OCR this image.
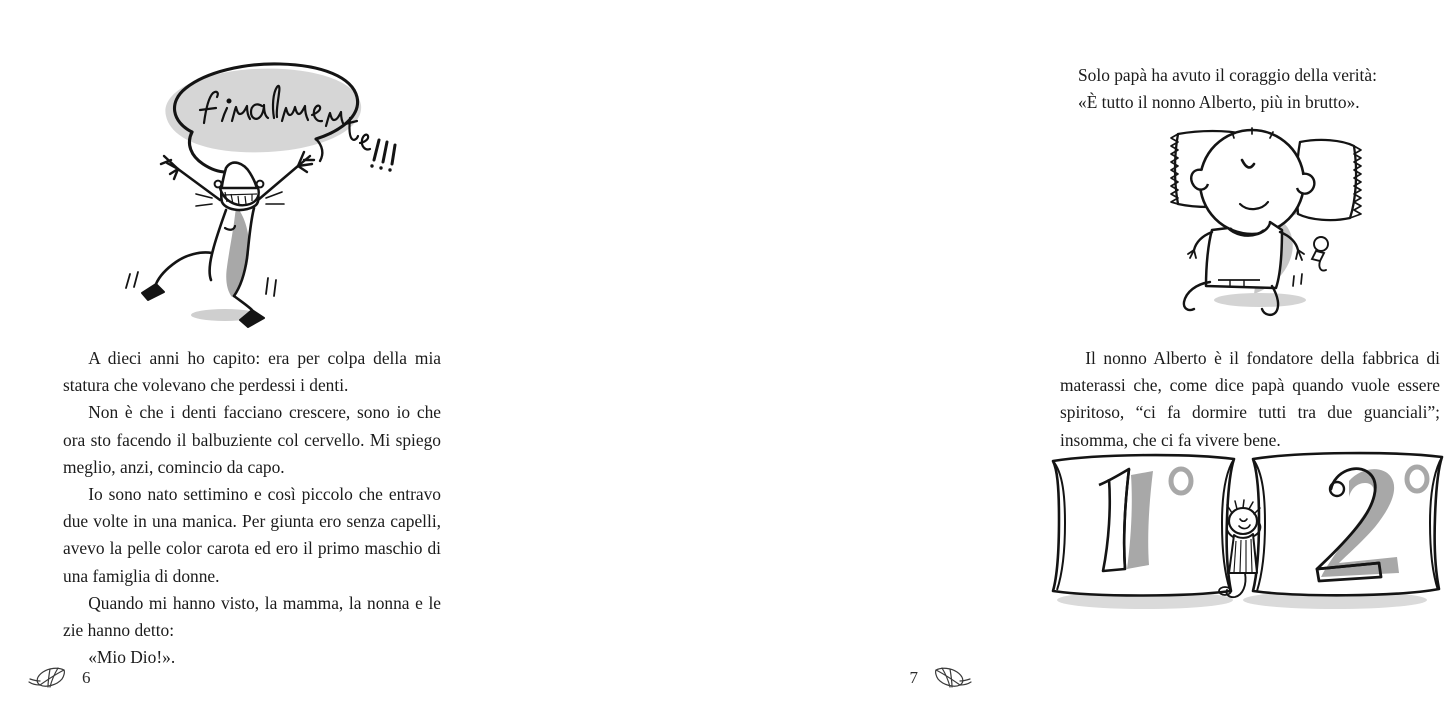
A dieci anni ho capito: era per colpa della mia statura che volevano che perdessi i denti.

Non è che i denti facciano crescere, sono io che ora sto facendo il balbuziente col cervello. Mi spiego meglio, anzi, comincio da capo.

Io sono nato settimino e così piccolo che entravo due volte in una manica. Per giunta ero senza capelli, avevo la pelle color carota ed ero il primo maschio di una famiglia di donne.

Quando mi hanno visto, la mamma, la nonna e le zie hanno detto:

«Mio Dio!».

6

Solo papà ha avuto il coraggio della verità:

«È tutto il nonno Alberto, più in brutto».

Il nonno Alberto è il fondatore della fabbrica di materassi che, come dice papà quando vuole essere spiritoso, “ci fa dormire tutti tra due guanciali”; insomma, che ci fa vivere bene.

7
